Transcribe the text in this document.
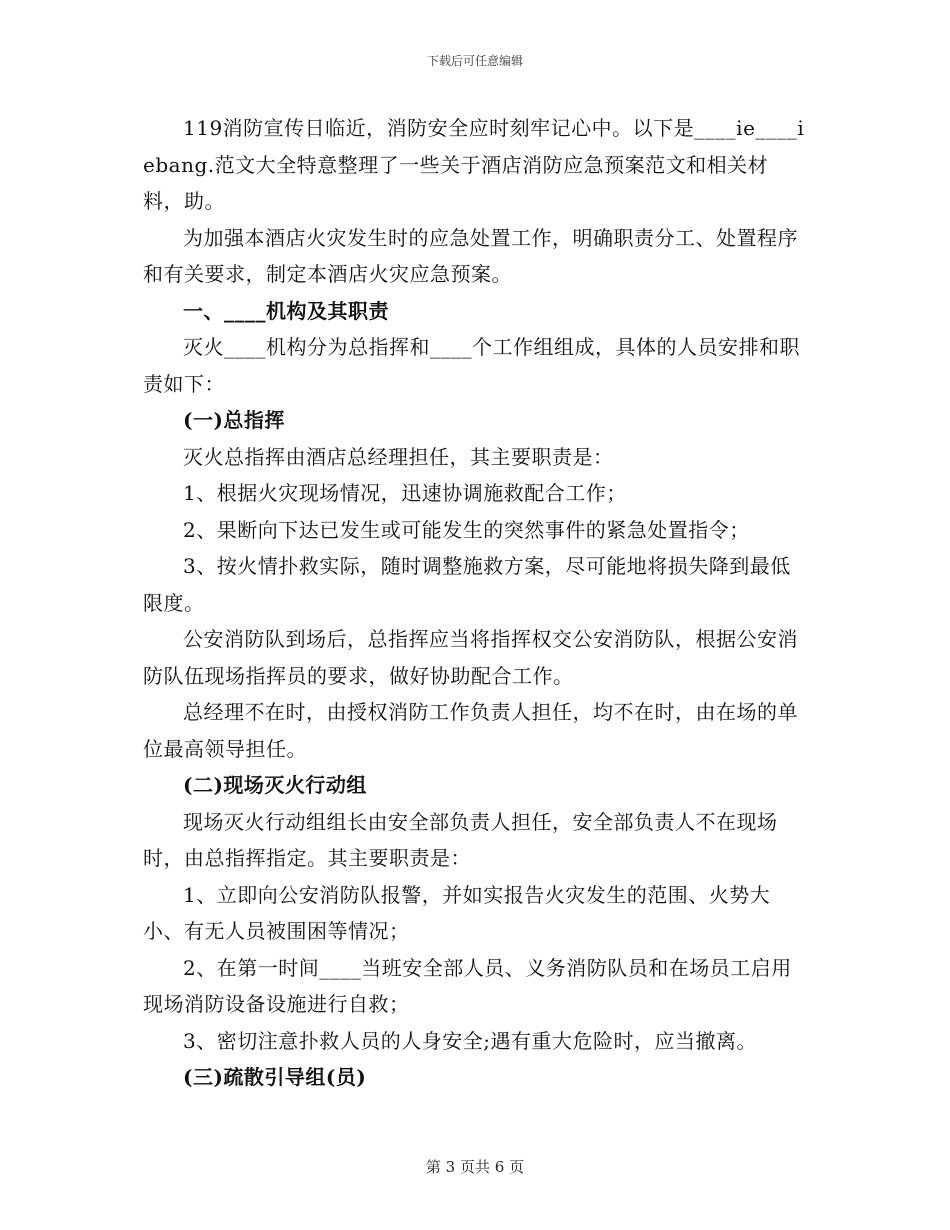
下载后可任意编辑

119消防宣传日临近，消防安全应时刻牢记心中。以下是____ie____iebang.范文大全特意整理了一些关于酒店消防应急预案范文和相关材料，助。

为加强本酒店火灾发生时的应急处置工作，明确职责分工、处置程序和有关要求，制定本酒店火灾应急预案。

一、____机构及其职责

灭火____机构分为总指挥和____个工作组组成，具体的人员安排和职责如下：

(一)总指挥

灭火总指挥由酒店总经理担任，其主要职责是：

1、根据火灾现场情况，迅速协调施救配合工作；

2、果断向下达已发生或可能发生的突然事件的紧急处置指令；

3、按火情扑救实际，随时调整施救方案，尽可能地将损失降到最低限度。

公安消防队到场后，总指挥应当将指挥权交公安消防队，根据公安消防队伍现场指挥员的要求，做好协助配合工作。

总经理不在时，由授权消防工作负责人担任，均不在时，由在场的单位最高领导担任。

(二)现场灭火行动组

现场灭火行动组组长由安全部负责人担任，安全部负责人不在现场时，由总指挥指定。其主要职责是：

1、立即向公安消防队报警，并如实报告火灾发生的范围、火势大小、有无人员被围困等情况；

2、在第一时间____当班安全部人员、义务消防队员和在场员工启用现场消防设备设施进行自救；

3、密切注意扑救人员的人身安全;遇有重大危险时，应当撤离。

(三)疏散引导组(员)

第 3 页共 6 页
